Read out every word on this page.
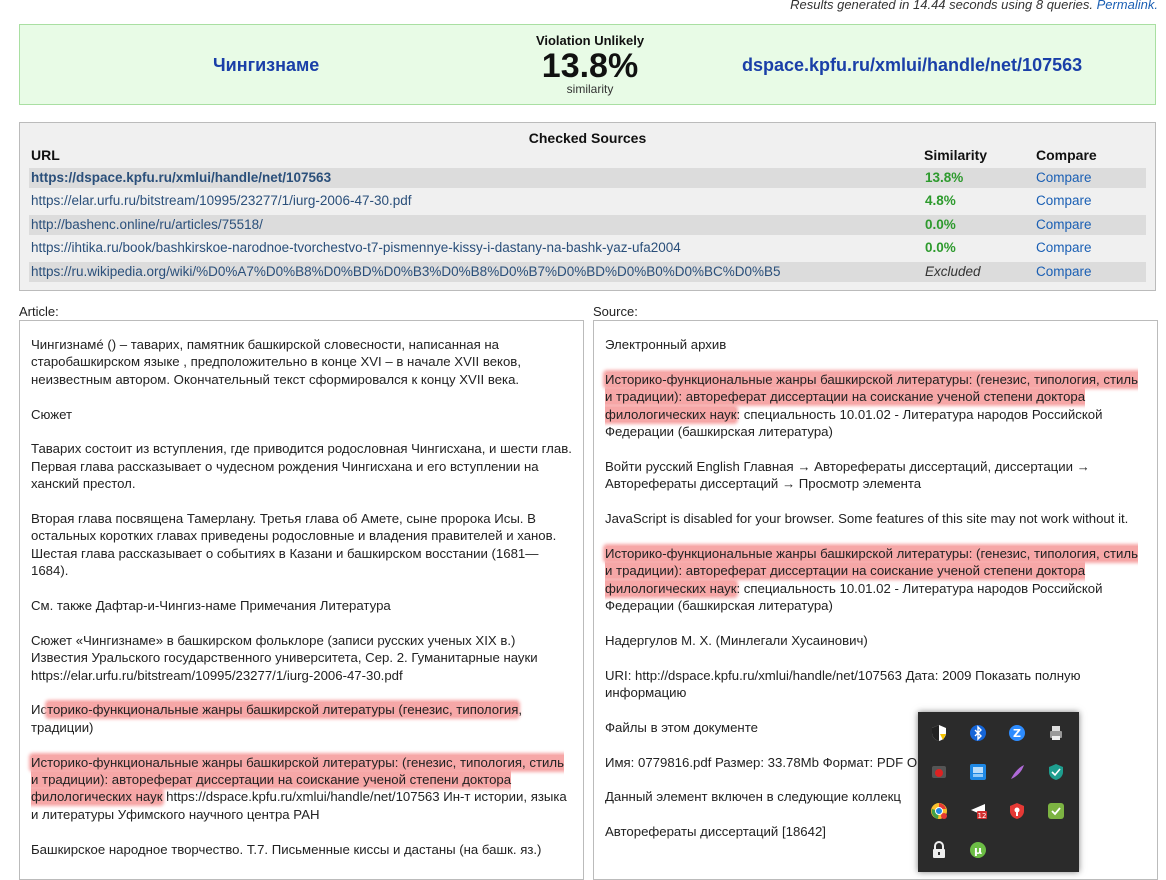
Results generated in 14.44 seconds using 8 queries. Permalink.
Чингизнаме
Violation Unlikely
13.8%
similarity
dspace.kpfu.ru/xmlui/handle/net/107563
Checked Sources
URL	Similarity	Compare
https://dspace.kpfu.ru/xmlui/handle/net/107563	13.8%	Compare
https://elar.urfu.ru/bitstream/10995/23277/1/iurg-2006-47-30.pdf	4.8%	Compare
http://bashenc.online/ru/articles/75518/	0.0%	Compare
https://ihtika.ru/book/bashkirskoe-narodnoe-tvorchestvo-t7-pismennye-kissy-i-dastany-na-bashk-yaz-ufa2004	0.0%	Compare
https://ru.wikipedia.org/wiki/%D0%A7%D0%B8%D0%BD%D0%B3%D0%B8%D0%B7%D0%BD%D0%B0%D0%BC%D0%B5	Excluded	Compare
Article:

Чингизнамé () – таварих, памятник башкирской словесности, написанная на старобашкирском языке , предположительно в конце XVI – в начале XVII веков, неизвестным автором. Окончательный текст сформировался к концу XVII века.

Сюжет

Таварих состоит из вступления, где приводится родословная Чингисхана, и шести глав. Первая глава рассказывает о чудесном рождения Чингисхана и его вступлении на ханский престол.

Вторая глава посвящена Тамерлану. Третья глава об Амете, сыне пророка Исы. В остальных коротких главах приведены родословные и владения правителей и ханов. Шестая глава рассказывает о событиях в Казани и башкирском восстании (1681—1684).

См. также Дафтар-и-Чингиз-наме Примечания Литература

Сюжет «Чингизнаме» в башкирском фольклоре (записи русских ученых XIX в.) Известия Уральского государственного университета, Сер. 2. Гуманитарные науки https://elar.urfu.ru/bitstream/10995/23277/1/iurg-2006-47-30.pdf

Историко-функциональные жанры башкирской литературы (генезис, типология, традиции)

Историко-функциональные жанры башкирской литературы: (генезис, типология, стиль и традиции): автореферат диссертации на соискание ученой степени доктора филологических наук https://dspace.kpfu.ru/xmlui/handle/net/107563 Ин-т истории, языка и литературы Уфимского научного центра РАН

Башкирское народное творчество. Т.7. Письменные киссы и дастаны (на башк. яз.)

Source:

Электронный архив

Историко-функциональные жанры башкирской литературы: (генезис, типология, стиль и традиции): автореферат диссертации на соискание ученой степени доктора филологических наук: специальность 10.01.02 - Литература народов Российской Федерации (башкирская литература)

Войти русский English Главная → Авторефераты диссертаций, диссертации → Авторефераты диссертаций → Просмотр элемента

JavaScript is disabled for your browser. Some features of this site may not work without it.

Историко-функциональные жанры башкирской литературы: (генезис, типология, стиль и традиции): автореферат диссертации на соискание ученой степени доктора филологических наук: специальность 10.01.02 - Литература народов Российской Федерации (башкирская литература)

Надергулов М. Х. (Минлегали Хусаинович)

URI: http://dspace.kpfu.ru/xmlui/handle/net/107563 Дата: 2009 Показать полную информацию

Файлы в этом документе

Имя: 0779816.pdf Размер: 33.78Mb Формат: PDF О

Данный элемент включен в следующие коллекц

Авторефераты диссертаций [18642]

Z
12
µ
